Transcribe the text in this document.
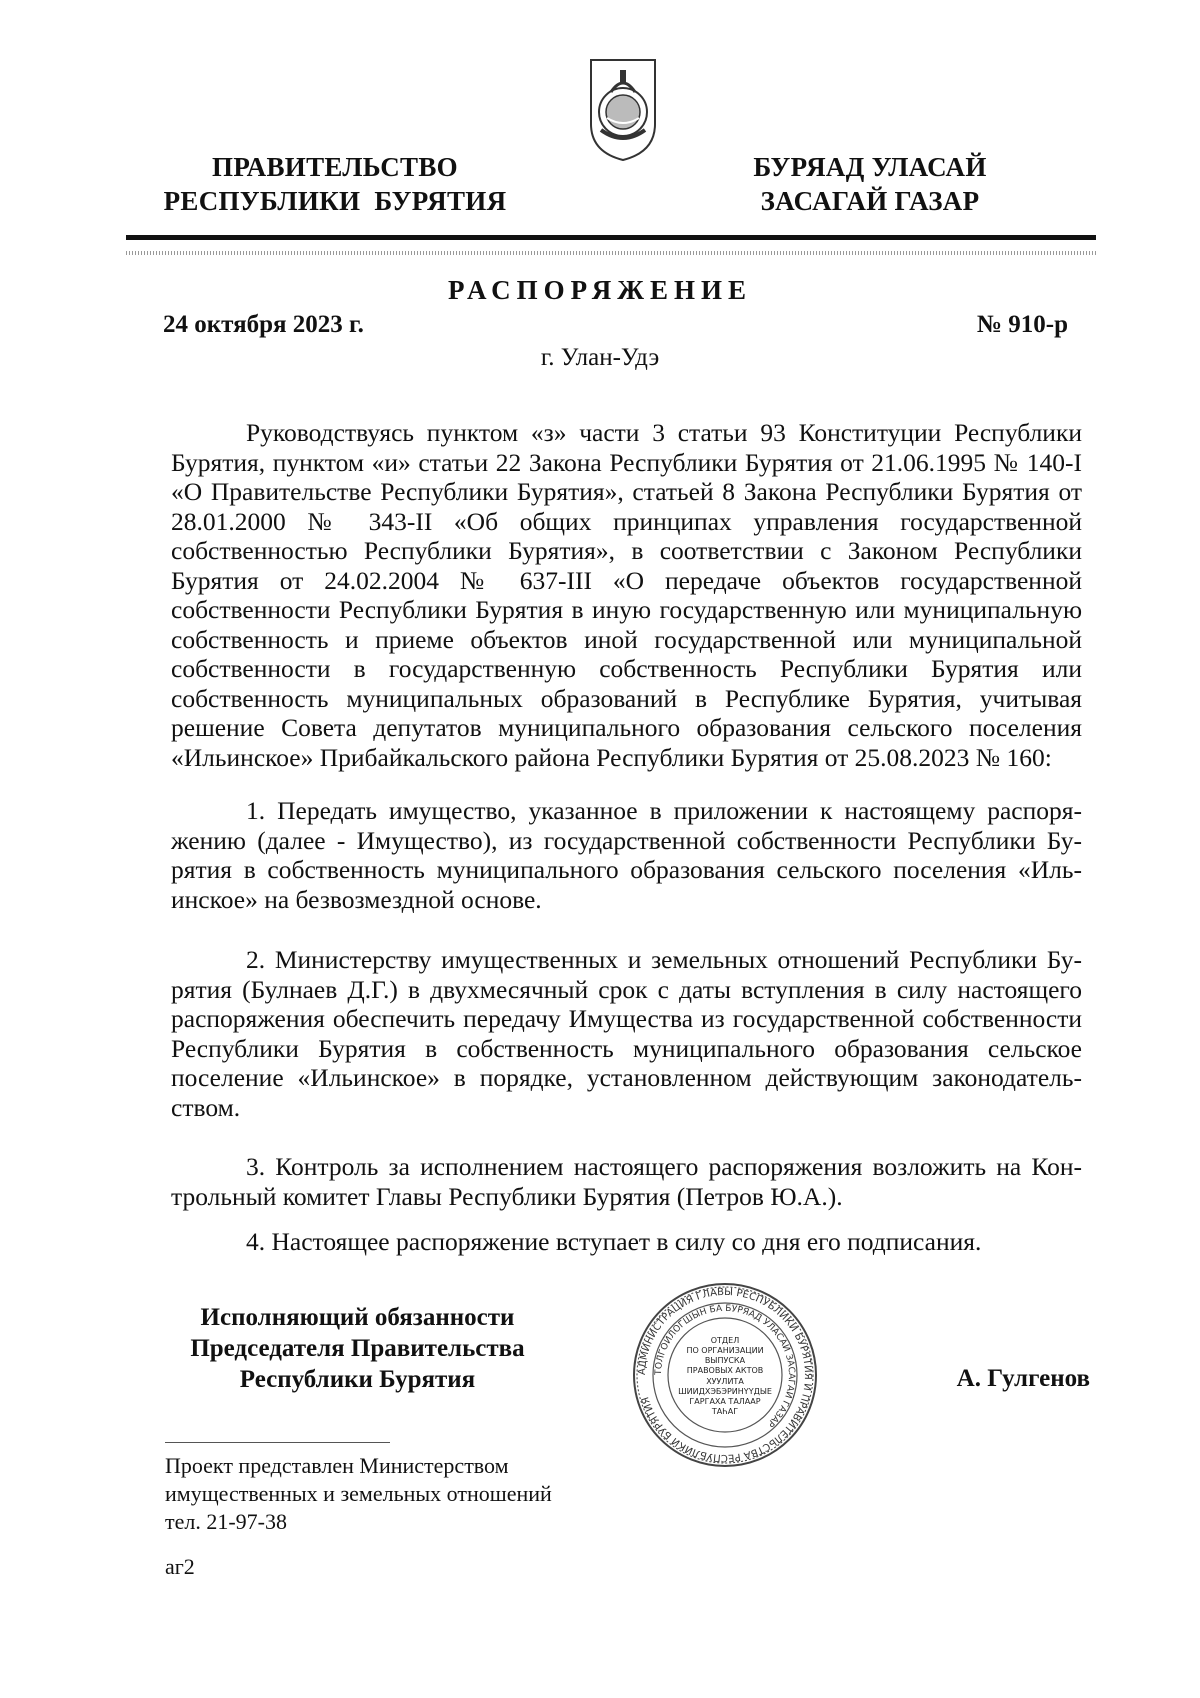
ПРАВИТЕЛЬСТВО
РЕСПУБЛИКИ  БУРЯТИЯ
БУРЯАД УЛАСАЙ
ЗАСАГАЙ ГАЗАР
РАСПОРЯЖЕНИЕ
24 октября 2023 г.	№ 910-р
г. Улан-Удэ
Руководствуясь пунктом «з» части 3 статьи 93 Конституции Республики Бурятия, пунктом «и» статьи 22 Закона Республики Бурятия от 21.06.1995 № 140-I «О Правительстве Республики Бурятия», статьей 8 Закона Республики Бурятия от 28.01.2000 № 343-II «Об общих принципах управления государственной собственностью Республики Бурятия», в соответствии с Законом Республики Бурятия от 24.02.2004 № 637-III «О передаче объектов государственной собственности Республики Бурятия в иную государственную или муниципальную собственность и приеме объектов иной государственной или муниципальной собственности в государственную собственность Республики Бурятия или собственность муниципальных образований в Республике Бурятия, учитывая решение Совета депутатов муниципального образования сельского поселения «Ильинское» Прибайкальского района Республики Бурятия от 25.08.2023 № 160:
1. Передать имущество, указанное в приложении к настоящему распоряжению (далее - Имущество), из государственной собственности Республики Бурятия в собственность муниципального образования сельского поселения «Ильинское» на безвозмездной основе.
2. Министерству имущественных и земельных отношений Республики Бурятия (Булнаев Д.Г.) в двухмесячный срок с даты вступления в силу настоящего распоряжения обеспечить передачу Имущества из государственной собственности Республики Бурятия в собственность муниципального образования сельское поселение «Ильинское» в порядке, установленном действующим законодательством.
3. Контроль за исполнением настоящего распоряжения возложить на Контрольный комитет Главы Республики Бурятия (Петров Ю.А.).
4. Настоящее распоряжение вступает в силу со дня его подписания.
Исполняющий обязанности
Председателя Правительства
Республики Бурятия	АДМИНИСТРАЦИЯ ГЛАВЫ РЕСПУБЛИКИ БУРЯТИЯ И ПРАВИТЕЛЬСТВА РЕСПУБЛИКИ БУРЯТИЯ
ТОЛГОЙЛОГШЫН БА БУРЯАД УЛАСАЙ ЗАСАГАЙ ГАЗАР
ОТДЕЛ
ПО ОРГАНИЗАЦИИ
ВЫПУСКА
ПРАВОВЫХ АКТОВ
ХУУЛИТА
ШИИДХЭБЭРИНҮҮДЫЕ
ГАРГАХА ТАЛААР
ТАҺАГ
А. Гулгенов
Проект представлен Министерством
имущественных и земельных отношений
тел. 21-97-38
аг2
